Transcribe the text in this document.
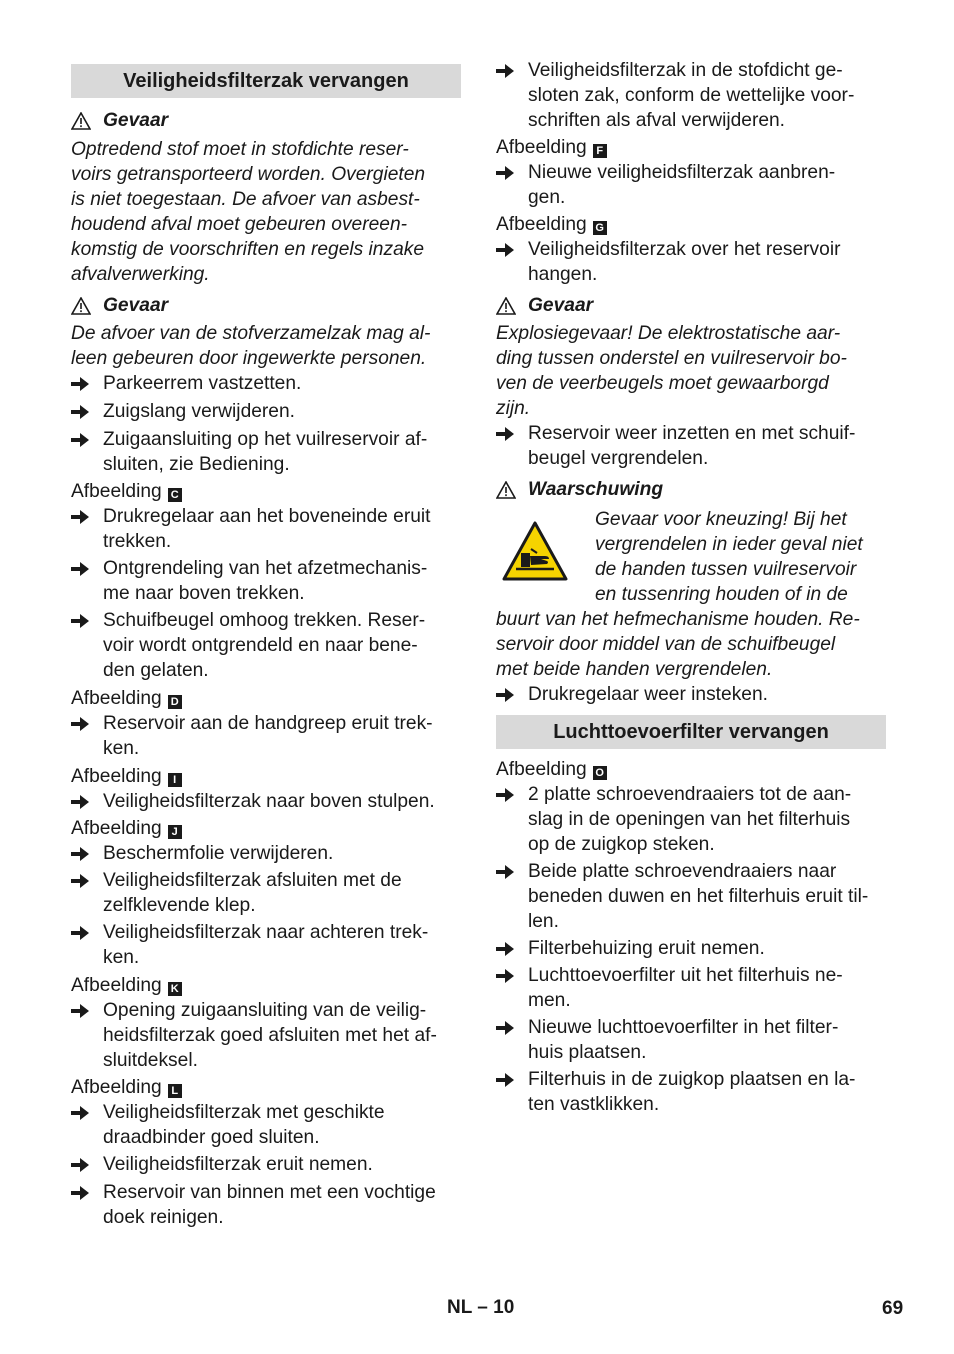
Veiligheidsfilterzak vervangen
Gevaar
Optredend stof moet in stofdichte reser-
voirs getransporteerd worden. Overgieten
is niet toegestaan. De afvoer van asbest-
houdend afval moet gebeuren overeen-
komstig de voorschriften en regels inzake
afvalverwerking.
Gevaar
De afvoer van de stofverzamelzak mag al-
leen gebeuren door ingewerkte personen.
Parkeerrem vastzetten.
Zuigslang verwijderen.
Zuigaansluiting op het vuilreservoir af-
sluiten, zie Bediening.
Afbeelding C
Drukregelaar aan het boveneinde eruit
trekken.
Ontgrendeling van het afzetmechanis-
me naar boven trekken.
Schuifbeugel omhoog trekken. Reser-
voir wordt ontgrendeld en naar bene-
den gelaten.
Afbeelding D
Reservoir aan de handgreep eruit trek-
ken.
Afbeelding I
Veiligheidsfilterzak naar boven stulpen.
Afbeelding J
Beschermfolie verwijderen.
Veiligheidsfilterzak afsluiten met de
zelfklevende klep.
Veiligheidsfilterzak naar achteren trek-
ken.
Afbeelding K
Opening zuigaansluiting van de veilig-
heidsfilterzak goed afsluiten met het af-
sluitdeksel.
Afbeelding L
Veiligheidsfilterzak met geschikte
draadbinder goed sluiten.
Veiligheidsfilterzak eruit nemen.
Reservoir van binnen met een vochtige
doek reinigen.
Veiligheidsfilterzak in de stofdicht ge-
sloten zak, conform de wettelijke voor-
schriften als afval verwijderen.
Afbeelding F
Nieuwe veiligheidsfilterzak aanbren-
gen.
Afbeelding G
Veiligheidsfilterzak over het reservoir
hangen.
Gevaar
Explosiegevaar! De elektrostatische aar-
ding tussen onderstel en vuilreservoir bo-
ven de veerbeugels moet gewaarborgd
zijn.
Reservoir weer inzetten en met schuif-
beugel vergrendelen.
Waarschuwing
Gevaar voor kneuzing! Bij het
vergrendelen in ieder geval niet
de handen tussen vuilreservoir
en tussenring houden of in de
buurt van het hefmechanisme houden. Re-
servoir door middel van de schuifbeugel
met beide handen vergrendelen.
Drukregelaar weer insteken.
Luchttoevoerfilter vervangen
Afbeelding O
2 platte schroevendraaiers tot de aan-
slag in de openingen van het filterhuis
op de zuigkop steken.
Beide platte schroevendraaiers naar
beneden duwen en het filterhuis eruit til-
len.
Filterbehuizing eruit nemen.
Luchttoevoerfilter uit het filterhuis ne-
men.
Nieuwe luchttoevoerfilter in het filter-
huis plaatsen.
Filterhuis in de zuigkop plaatsen en la-
ten vastklikken.
NL – 10	69
